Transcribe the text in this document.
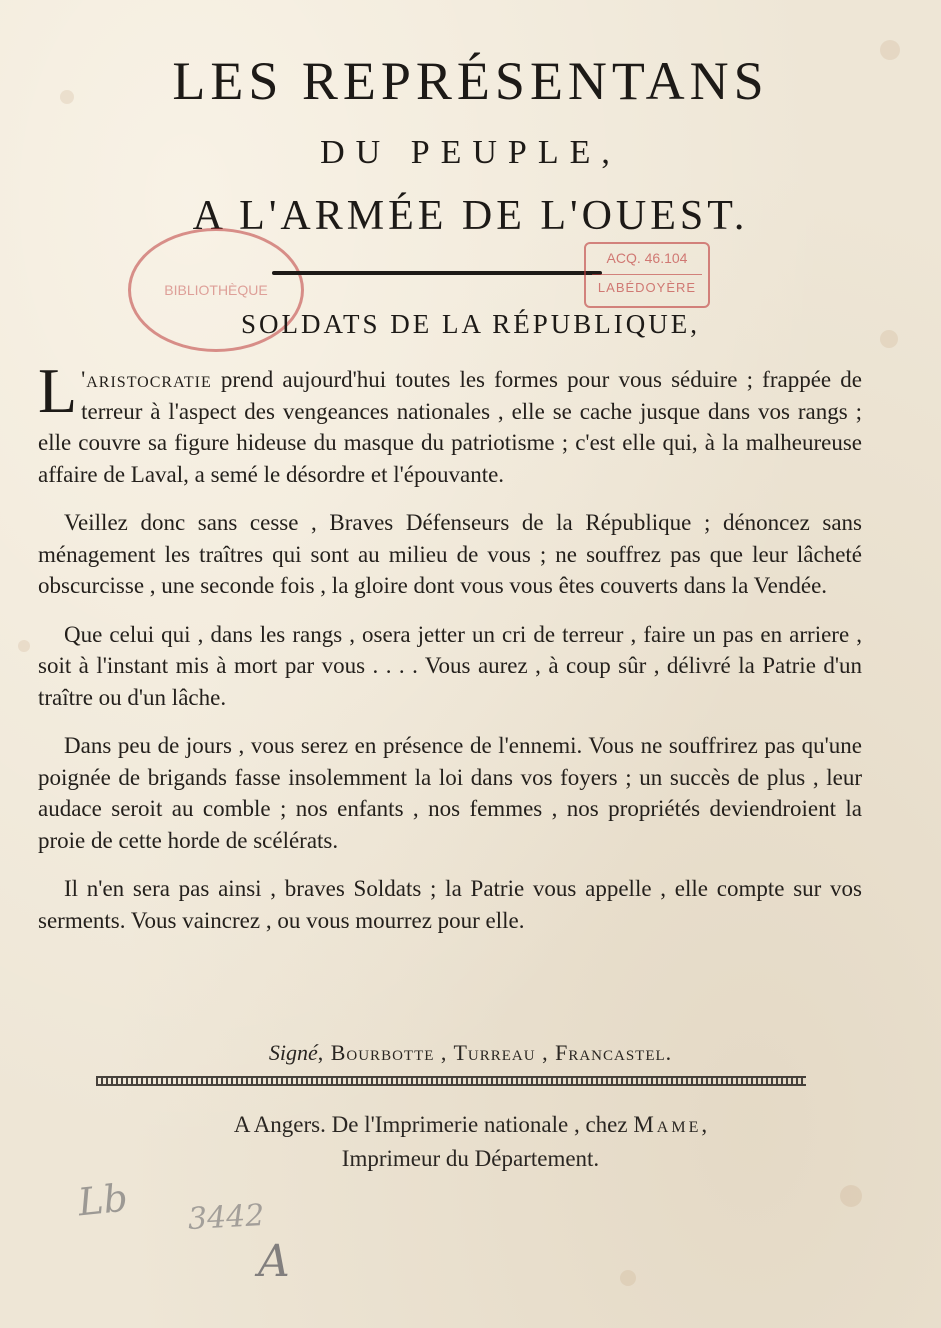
LES REPRÉSENTANS
DU PEUPLE,
A L'ARMÉE DE L'OUEST.
BIBLIOTHÈQUE
ACQ. 46.104
LABÉDOYÈRE
SOLDATS DE LA RÉPUBLIQUE,

L 'aristocratie prend aujourd'hui toutes les formes pour vous séduire ; frappée de terreur à l'aspect des vengeances nationales , elle se cache jusque dans vos rangs ; elle couvre sa figure hideuse du masque du patriotisme ; c'est elle qui, à la malheureuse affaire de Laval, a semé le désordre et l'épouvante.

Veillez donc sans cesse , Braves Défenseurs de la République ; dénoncez sans ménagement les traîtres qui sont au milieu de vous ; ne souffrez pas que leur lâcheté obscurcisse , une seconde fois , la gloire dont vous vous êtes couverts dans la Vendée.

Que celui qui , dans les rangs , osera jetter un cri de terreur , faire un pas en arriere , soit à l'instant mis à mort par vous . . . . Vous aurez , à coup sûr , délivré la Patrie d'un traître ou d'un lâche.

Dans peu de jours , vous serez en présence de l'ennemi. Vous ne souffrirez pas qu'une poignée de brigands fasse insolemment la loi dans vos foyers ; un succès de plus , leur audace seroit au comble ; nos enfants , nos femmes , nos propriétés deviendroient la proie de cette horde de scélérats.

Il n'en sera pas ainsi , braves Soldats ; la Patrie vous appelle , elle compte sur vos serments. Vous vaincrez , ou vous mourrez pour elle.

Signé, Bourbotte , Turreau , Francastel.
A Angers. De l'Imprimerie nationale , chez Mame,
Imprimeur du Département.
Lb 3442
A
